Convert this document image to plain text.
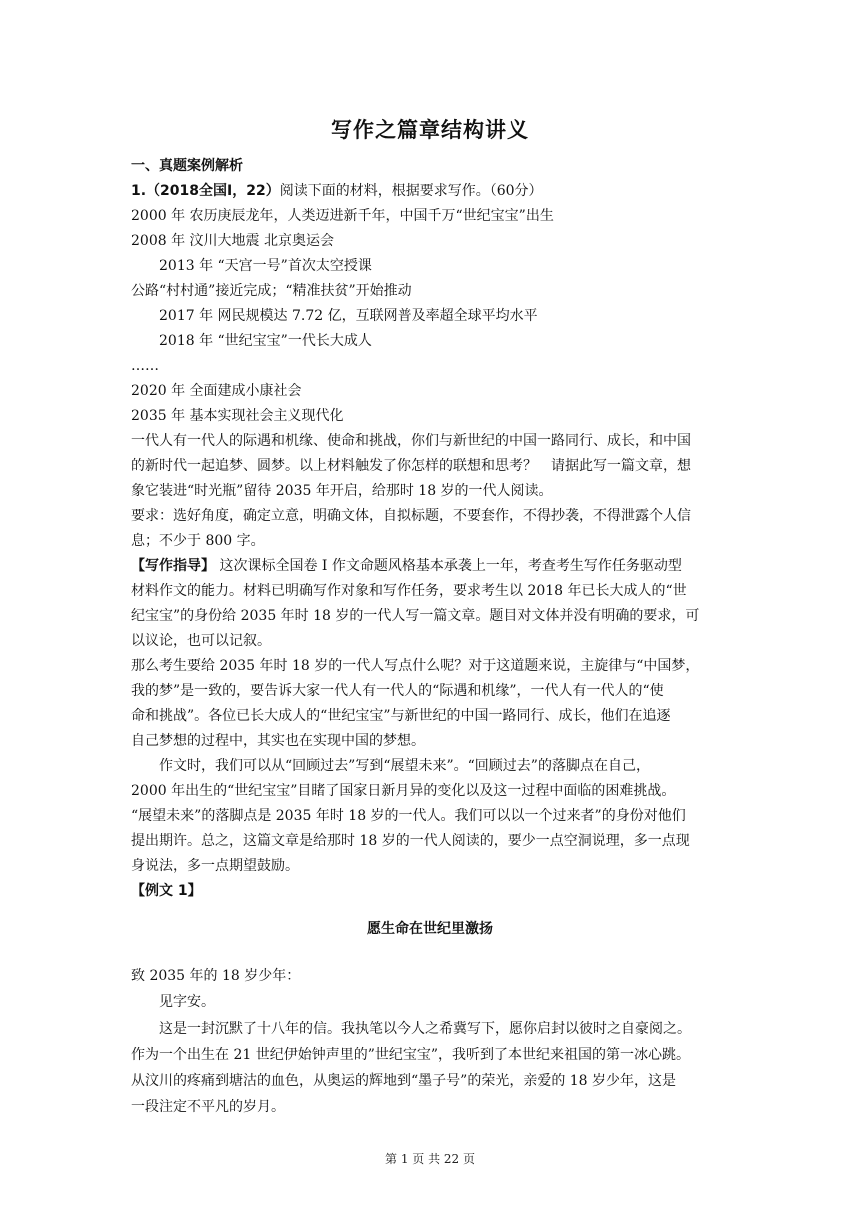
写作之篇章结构讲义
一、真题案例解析
1.（2018全国Ⅰ，22）阅读下面的材料，根据要求写作。（60分）
2000 年 农历庚辰龙年，人类迈进新千年，中国千万“世纪宝宝”出生
2008 年 汶川大地震 北京奥运会
2013 年 “天宫一号”首次太空授课
公路“村村通”接近完成；“精准扶贫”开始推动
2017 年 网民规模达 7.72 亿，互联网普及率超全球平均水平
2018 年 “世纪宝宝”一代长大成人
……
2020 年 全面建成小康社会
2035 年 基本实现社会主义现代化
一代人有一代人的际遇和机缘、使命和挑战，你们与新世纪的中国一路同行、成长，和中国
的新时代一起追梦、圆梦。以上材料触发了你怎样的联想和思考？　请据此写一篇文章，想
象它装进“时光瓶”留待 2035 年开启，给那时 18 岁的一代人阅读。
要求：选好角度，确定立意，明确文体，自拟标题，不要套作，不得抄袭，不得泄露个人信
息；不少于 800 字。
【写作指导】 这次课标全国卷 I 作文命题风格基本承袭上一年，考查考生写作任务驱动型
材料作文的能力。材料已明确写作对象和写作任务，要求考生以 2018 年已长大成人的“世
纪宝宝”的身份给 2035 年时 18 岁的一代人写一篇文章。题目对文体并没有明确的要求，可
以议论，也可以记叙。
那么考生要给 2035 年时 18 岁的一代人写点什么呢？对于这道题来说，主旋律与“中国梦，
我的梦”是一致的，要告诉大家一代人有一代人的“际遇和机缘”，一代人有一代人的“使
命和挑战”。各位已长大成人的“世纪宝宝”与新世纪的中国一路同行、成长，他们在追逐
自己梦想的过程中，其实也在实现中国的梦想。
作文时，我们可以从“回顾过去”写到“展望未来”。“回顾过去”的落脚点在自己，
2000 年出生的“世纪宝宝”目睹了国家日新月异的变化以及这一过程中面临的困难挑战。
“展望未来”的落脚点是 2035 年时 18 岁的一代人。我们可以以一个过来者”的身份对他们
提出期许。总之，这篇文章是给那时 18 岁的一代人阅读的，要少一点空洞说理，多一点现
身说法，多一点期望鼓励。
【例文 1】
愿生命在世纪里激扬
致 2035 年的 18 岁少年：
见字安。
这是一封沉默了十八年的信。我执笔以今人之希冀写下，愿你启封以彼时之自豪阅之。
作为一个出生在 21 世纪伊始钟声里的”世纪宝宝”，我听到了本世纪来祖国的第一冰心跳。
从汶川的疼痛到塘沽的血色，从奥运的辉地到“墨子号”的荣光，亲爱的 18 岁少年，这是
一段注定不平凡的岁月。
第 1 页 共 22 页
